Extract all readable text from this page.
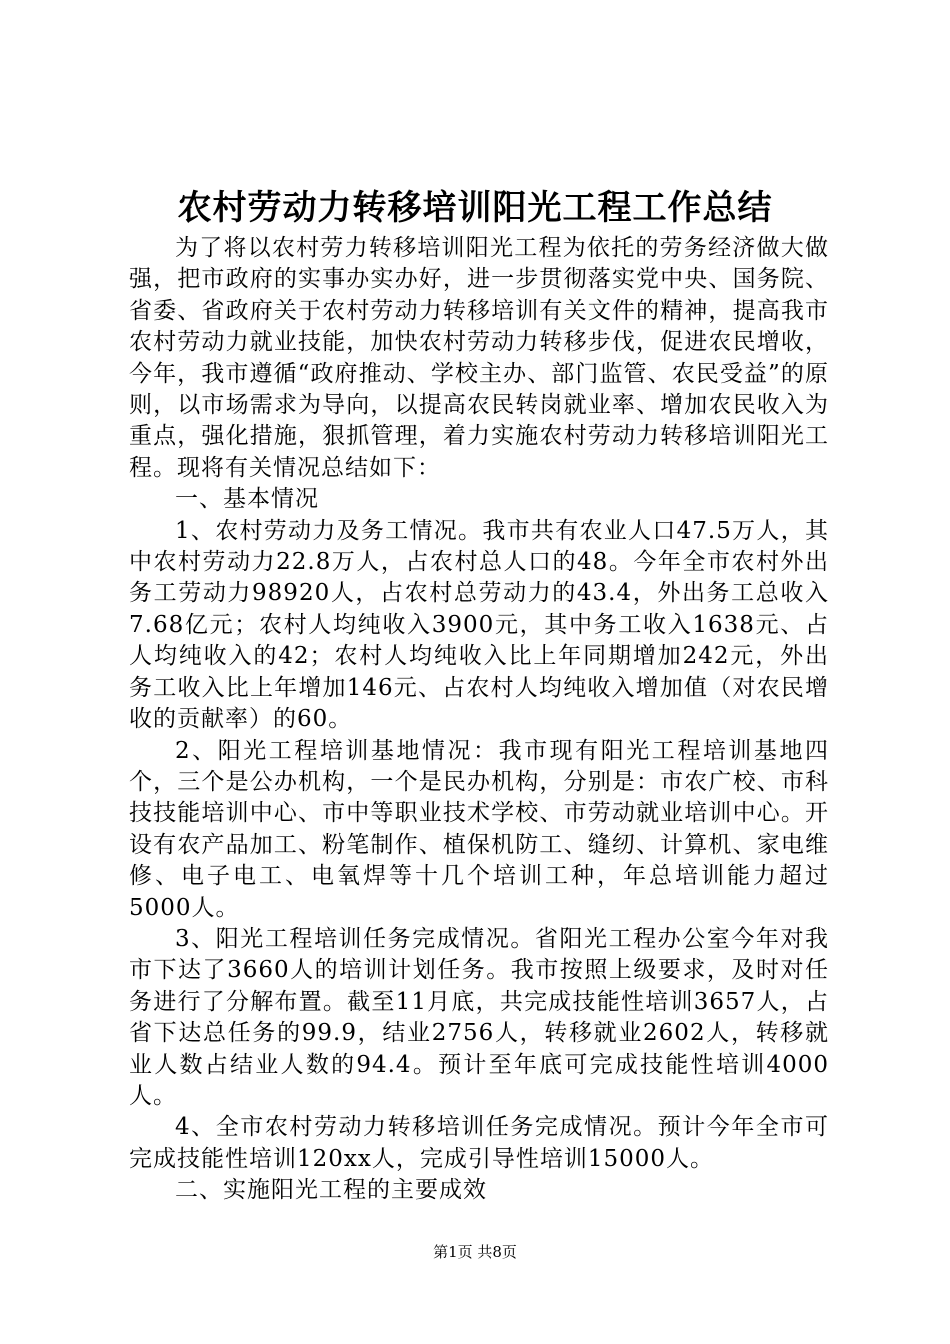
农村劳动力转移培训阳光工程工作总结

为了将以农村劳力转移培训阳光工程为依托的劳务经济做大做强，把市政府的实事办实办好，进一步贯彻落实党中央、国务院、省委、省政府关于农村劳动力转移培训有关文件的精神，提高我市农村劳动力就业技能，加快农村劳动力转移步伐，促进农民增收，今年，我市遵循“政府推动、学校主办、部门监管、农民受益”的原则，以市场需求为导向，以提高农民转岗就业率、增加农民收入为重点，强化措施，狠抓管理，着力实施农村劳动力转移培训阳光工程。现将有关情况总结如下：

一、基本情况

1、农村劳动力及务工情况。我市共有农业人口47.5万人，其中农村劳动力22.8万人，占农村总人口的48。今年全市农村外出务工劳动力98920人，占农村总劳动力的43.4，外出务工总收入7.68亿元；农村人均纯收入3900元，其中务工收入1638元、占人均纯收入的42；农村人均纯收入比上年同期增加242元，外出务工收入比上年增加146元、占农村人均纯收入增加值（对农民增收的贡献率）的60。

2、阳光工程培训基地情况：我市现有阳光工程培训基地四个，三个是公办机构，一个是民办机构，分别是：市农广校、市科技技能培训中心、市中等职业技术学校、市劳动就业培训中心。开设有农产品加工、粉笔制作、植保机防工、缝纫、计算机、家电维修、电子电工、电氧焊等十几个培训工种，年总培训能力超过5000人。

3、阳光工程培训任务完成情况。省阳光工程办公室今年对我市下达了3660人的培训计划任务。我市按照上级要求，及时对任务进行了分解布置。截至11月底，共完成技能性培训3657人，占省下达总任务的99.9，结业2756人，转移就业2602人，转移就业人数占结业人数的94.4。预计至年底可完成技能性培训4000人。

4、全市农村劳动力转移培训任务完成情况。预计今年全市可完成技能性培训120xx人，完成引导性培训15000人。

二、实施阳光工程的主要成效

第1页 共8页
